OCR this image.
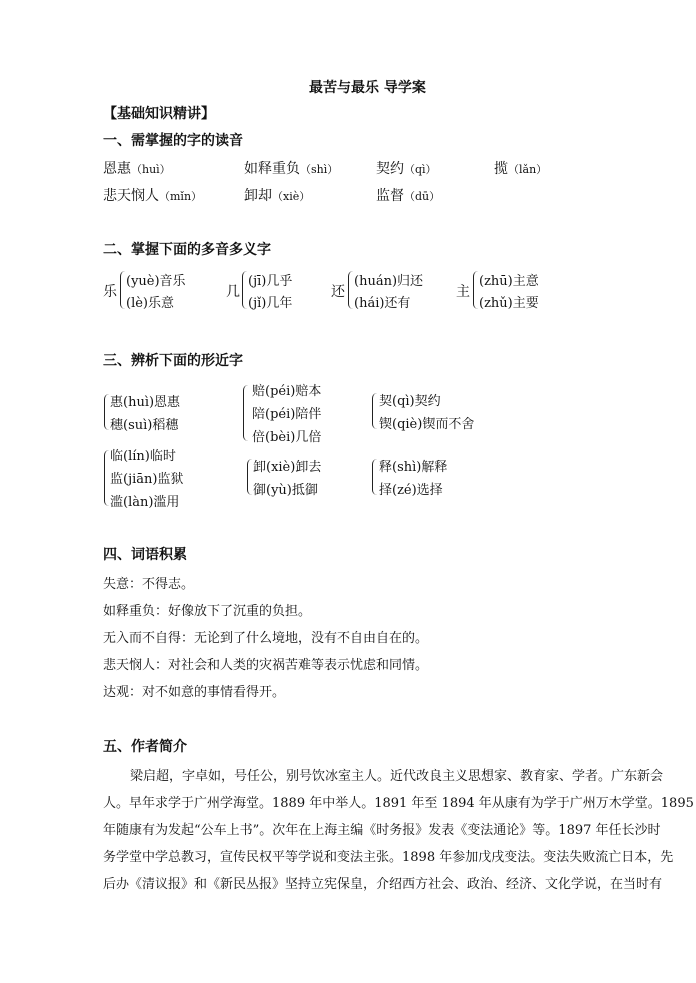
最苦与最乐 导学案
【基础知识精讲】
一、需掌握的字的读音
恩惠（huì）	如释重负（shì）	契约（qì）	揽（lǎn）
悲天悯人（mǐn）	卸却（xiè）	监督（dū）
二、掌握下面的多音多义字
乐
(yuè)音乐
(lè)乐意
几
(jī)几乎
(jǐ)几年
还
(huán)归还
(hái)还有
主
(zhū)主意
(zhǔ)主要
三、辨析下面的形近字
惠(huì)恩惠
穗(suì)稻穗
赔(péi)赔本
陪(péi)陪伴
倍(bèi)几倍
契(qì)契约
锲(qiè)锲而不舍
临(lín)临时
监(jiān)监狱
滥(làn)滥用
卸(xiè)卸去
御(yù)抵御
释(shì)解释
择(zé)选择
四、词语积累
失意：不得志。
如释重负：好像放下了沉重的负担。
无入而不自得：无论到了什么境地，没有不自由自在的。
悲天悯人：对社会和人类的灾祸苦难等表示忧虑和同情。
达观：对不如意的事情看得开。
五、作者简介
梁启超，字卓如，号任公，别号饮冰室主人。近代改良主义思想家、教育家、学者。广东新会
人。早年求学于广州学海堂。1889 年中举人。1891 年至 1894 年从康有为学于广州万木学堂。1895
年随康有为发起“公车上书”。次年在上海主编《时务报》发表《变法通论》等。1897 年任长沙时
务学堂中学总教习，宣传民权平等学说和变法主张。1898 年参加戊戌变法。变法失败流亡日本，先
后办《清议报》和《新民丛报》坚持立宪保皇，介绍西方社会、政治、经济、文化学说，在当时有
